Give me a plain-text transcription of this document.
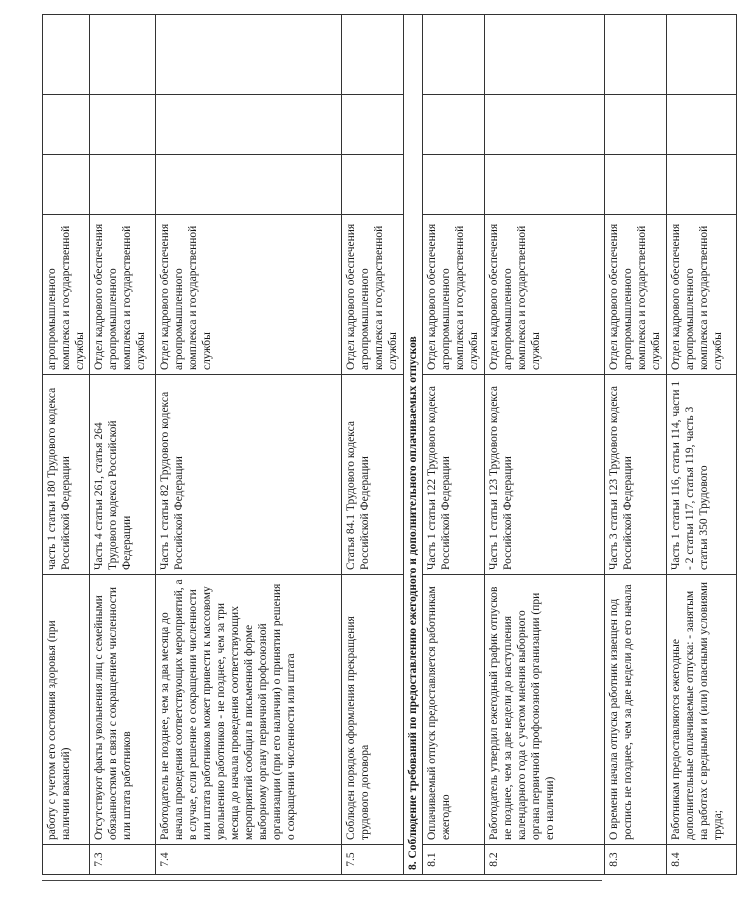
	работу с учетом его состояния здоровья (при наличии вакансий)	часть 1 статьи 180 Трудового кодекса Российской Федерации	агропромышленного комплекса и государственной службы			
7.3	Отсутствуют факты увольнения лиц с семейными обязанностями в связи с сокращением численности или штата работников	Часть 4 статьи 261, статья 264 Трудового кодекса Российской Федерации	Отдел кадрового обеспечения агропромышленного комплекса и государственной службы			
7.4	Работодатель не позднее, чем за два месяца до начала проведения соответствующих мероприятий, а в случае, если решение о сокращении численности или штата работников может привести к массовому увольнению работников - не позднее, чем за три месяца до начала проведения соответствующих мероприятий сообщил в письменной форме выборному органу первичной профсоюзной организации (при его наличии) о принятии решения о сокращении численности или штата	Часть 1 статьи 82 Трудового кодекса Российской Федерации	Отдел кадрового обеспечения агропромышленного комплекса и государственной службы			
7.5	Соблюден порядок оформления прекращения трудового договора	Статья 84.1 Трудового кодекса Российской Федерации	Отдел кадрового обеспечения агропромышленного комплекса и государственной службы			
8. Соблюдение требований по предоставлению ежегодного и дополнительного оплачиваемых отпусков						
8.1	Оплачиваемый отпуск предоставляется работникам ежегодно	Часть 1 статьи 122 Трудового кодекса Российской Федерации	Отдел кадрового обеспечения агропромышленного комплекса и государственной службы			
8.2	Работодатель утвердил ежегодный график отпусков не позднее, чем за две недели до наступления календарного года с учетом мнения выборного органа первичной профсоюзной организации (при его наличии)	Часть 1 статьи 123 Трудового кодекса Российской Федерации	Отдел кадрового обеспечения агропромышленного комплекса и государственной службы			
8.3	О времени начала отпуска работник извещен под роспись не позднее, чем за две недели до его начала	Часть 3 статьи 123 Трудового кодекса Российской Федерации	Отдел кадрового обеспечения агропромышленного комплекса и государственной службы			
8.4	Работникам предоставляются ежегодные дополнительные оплачиваемые отпуска: - занятым на работах с вредными и (или) опасными условиями труда;	Часть 1 статьи 116, статьи 114, части 1 - 2 статьи 117, статья 119, часть 3 статьи 350 Трудового	Отдел кадрового обеспечения агропромышленного комплекса и государственной службы			
